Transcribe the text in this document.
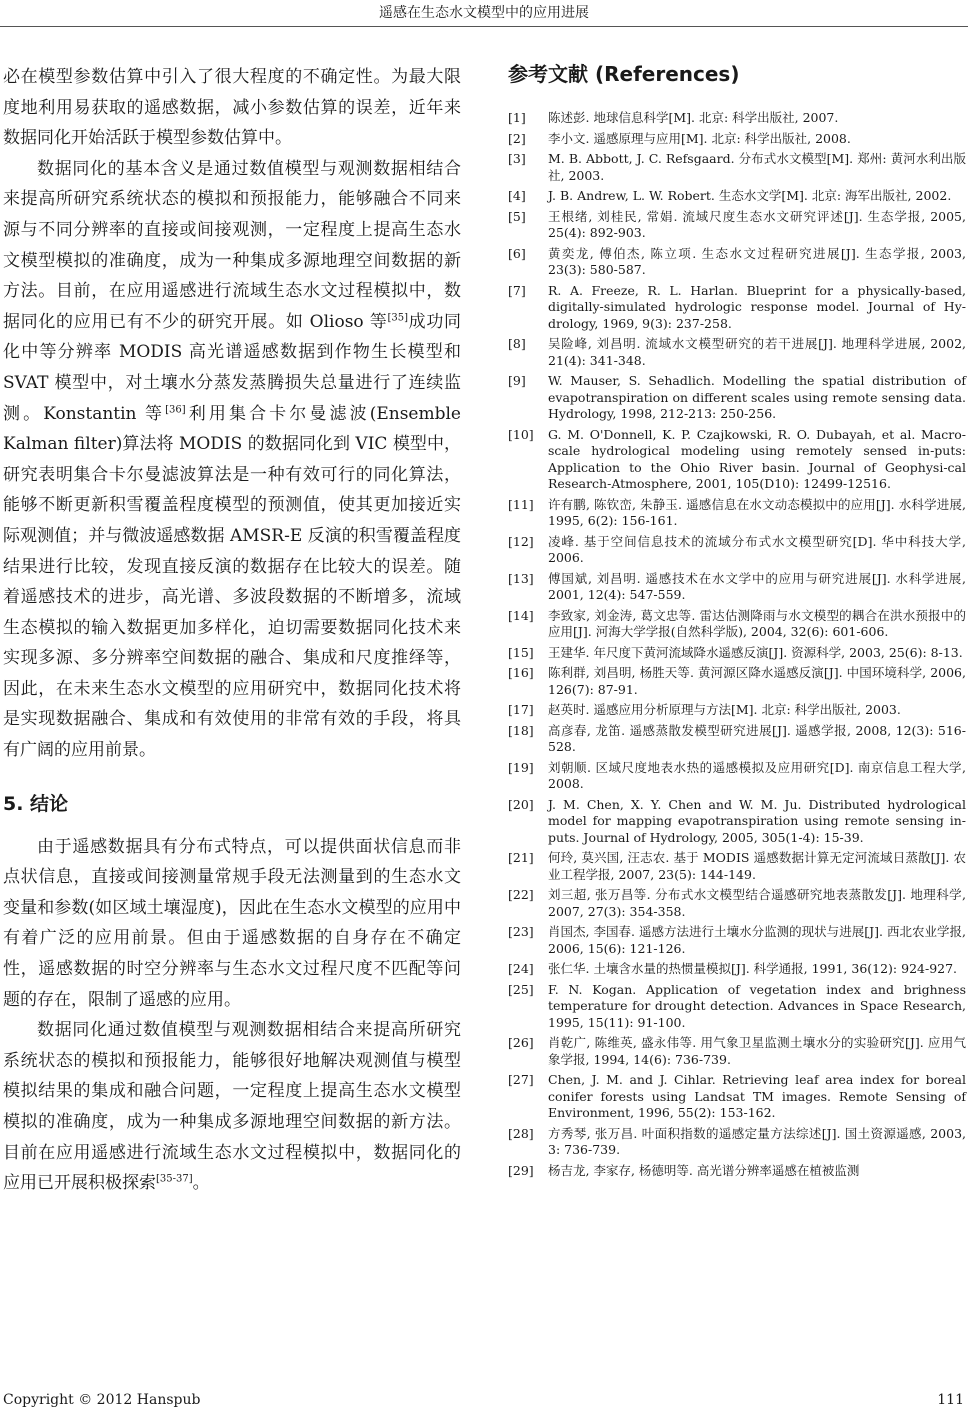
遥感在生态水文模型中的应用进展

必在模型参数估算中引入了很大程度的不确定性。为最大限度地利用易获取的遥感数据，减小参数估算的误差，近年来数据同化开始活跃于模型参数估算中。

数据同化的基本含义是通过数值模型与观测数据相结合来提高所研究系统状态的模拟和预报能力，能够融合不同来源与不同分辨率的直接或间接观测，一定程度上提高生态水文模型模拟的准确度，成为一种集成多源地理空间数据的新方法。目前，在应用遥感进行流域生态水文过程模拟中，数据同化的应用已有不少的研究开展。如 Olioso 等[35]成功同化中等分辨率 MODIS 高光谱遥感数据到作物生长模型和 SVAT 模型中，对土壤水分蒸发蒸腾损失总量进行了连续监测。Konstantin 等[36]利用集合卡尔曼滤波(Ensemble Kalman filter)算法将 MODIS 的数据同化到 VIC 模型中，研究表明集合卡尔曼滤波算法是一种有效可行的同化算法，能够不断更新积雪覆盖程度模型的预测值，使其更加接近实际观测值；并与微波遥感数据 AMSR-E 反演的积雪覆盖程度结果进行比较，发现直接反演的数据存在比较大的误差。随着遥感技术的进步，高光谱、多波段数据的不断增多，流域生态模拟的输入数据更加多样化，迫切需要数据同化技术来实现多源、多分辨率空间数据的融合、集成和尺度推绎等，因此，在未来生态水文模型的应用研究中，数据同化技术将是实现数据融合、集成和有效使用的非常有效的手段，将具有广阔的应用前景。

5. 结论

由于遥感数据具有分布式特点，可以提供面状信息而非点状信息，直接或间接测量常规手段无法测量到的生态水文变量和参数(如区域土壤湿度)，因此在生态水文模型的应用中有着广泛的应用前景。但由于遥感数据的自身存在不确定性，遥感数据的时空分辨率与生态水文过程尺度不匹配等问题的存在，限制了遥感的应用。

数据同化通过数值模型与观测数据相结合来提高所研究系统状态的模拟和预报能力，能够很好地解决观测值与模型模拟结果的集成和融合问题，一定程度上提高生态水文模型模拟的准确度，成为一种集成多源地理空间数据的新方法。目前在应用遥感进行流域生态水文过程模拟中，数据同化的应用已开展积极探索[35-37]。

参考文献 (References)
[1]	陈述彭. 地球信息科学[M]. 北京: 科学出版社, 2007.
[2]	李小文. 遥感原理与应用[M]. 北京: 科学出版社, 2008.
[3]	M. B. Abbott, J. C. Refsgaard. 分布式水文模型[M]. 郑州: 黄河水利出版社, 2003.
[4]	J. B. Andrew, L. W. Robert. 生态水文学[M]. 北京: 海军出版社, 2002.
[5]	王根绪, 刘桂民, 常娟. 流域尺度生态水文研究评述[J]. 生态学报, 2005, 25(4): 892-903.
[6]	黄奕龙, 傅伯杰, 陈立项. 生态水文过程研究进展[J]. 生态学报, 2003, 23(3): 580-587.
[7]	R. A. Freeze, R. L. Harlan. Blueprint for a physically-based, digitally-simulated hydrologic response model. Journal of Hy-drology, 1969, 9(3): 237-258.
[8]	吴险峰, 刘昌明. 流域水文模型研究的若干进展[J]. 地理科学进展, 2002, 21(4): 341-348.
[9]	W. Mauser, S. Sehadlich. Modelling the spatial distribution of evapotranspiration on different scales using remote sensing data. Hydrology, 1998, 212-213: 250-256.
[10]	G. M. O'Donnell, K. P. Czajkowski, R. O. Dubayah, et al. Macro-scale hydrological modeling using remotely sensed in-puts: Application to the Ohio River basin. Journal of Geophysi-cal Research-Atmosphere, 2001, 105(D10): 12499-12516.
[11]	许有鹏, 陈钦峦, 朱静玉. 遥感信息在水文动态模拟中的应用[J]. 水科学进展, 1995, 6(2): 156-161.
[12]	凌峰. 基于空间信息技术的流域分布式水文模型研究[D]. 华中科技大学, 2006.
[13]	傅国斌, 刘昌明. 遥感技术在水文学中的应用与研究进展[J]. 水科学进展, 2001, 12(4): 547-559.
[14]	李致家, 刘金涛, 葛文忠等. 雷达估测降雨与水文模型的耦合在洪水预报中的应用[J]. 河海大学学报(自然科学版), 2004, 32(6): 601-606.
[15]	王建华. 年尺度下黄河流域降水遥感反演[J]. 资源科学, 2003, 25(6): 8-13.
[16]	陈利群, 刘昌明, 杨胜天等. 黄河源区降水遥感反演[J]. 中国环境科学, 2006, 126(7): 87-91.
[17]	赵英时. 遥感应用分析原理与方法[M]. 北京: 科学出版社, 2003.
[18]	高彦春, 龙笛. 遥感蒸散发模型研究进展[J]. 遥感学报, 2008, 12(3): 516-528.
[19]	刘朝顺. 区域尺度地表水热的遥感模拟及应用研究[D]. 南京信息工程大学, 2008.
[20]	J. M. Chen, X. Y. Chen and W. M. Ju. Distributed hydrological model for mapping evapotranspiration using remote sensing in-puts. Journal of Hydrology, 2005, 305(1-4): 15-39.
[21]	何玲, 莫兴国, 汪志农. 基于 MODIS 遥感数据计算无定河流域日蒸散[J]. 农业工程学报, 2007, 23(5): 144-149.
[22]	刘三超, 张万昌等. 分布式水文模型结合遥感研究地表蒸散发[J]. 地理科学, 2007, 27(3): 354-358.
[23]	肖国杰, 李国春. 遥感方法进行土壤水分监测的现状与进展[J]. 西北农业学报, 2006, 15(6): 121-126.
[24]	张仁华. 土壤含水量的热惯量模拟[J]. 科学通报, 1991, 36(12): 924-927.
[25]	F. N. Kogan. Application of vegetation index and brighness temperature for drought detection. Advances in Space Research, 1995, 15(11): 91-100.
[26]	肖乾广, 陈维英, 盛永伟等. 用气象卫星监测土壤水分的实验研究[J]. 应用气象学报, 1994, 14(6): 736-739.
[27]	Chen, J. M. and J. Cihlar. Retrieving leaf area index for boreal conifer forests using Landsat TM images. Remote Sensing of Environment, 1996, 55(2): 153-162.
[28]	方秀琴, 张万昌. 叶面积指数的遥感定量方法综述[J]. 国土资源遥感, 2003, 3: 736-739.
[29]	杨吉龙, 李家存, 杨德明等. 高光谱分辨率遥感在植被监测
Copyright © 2012 Hanspub	111
